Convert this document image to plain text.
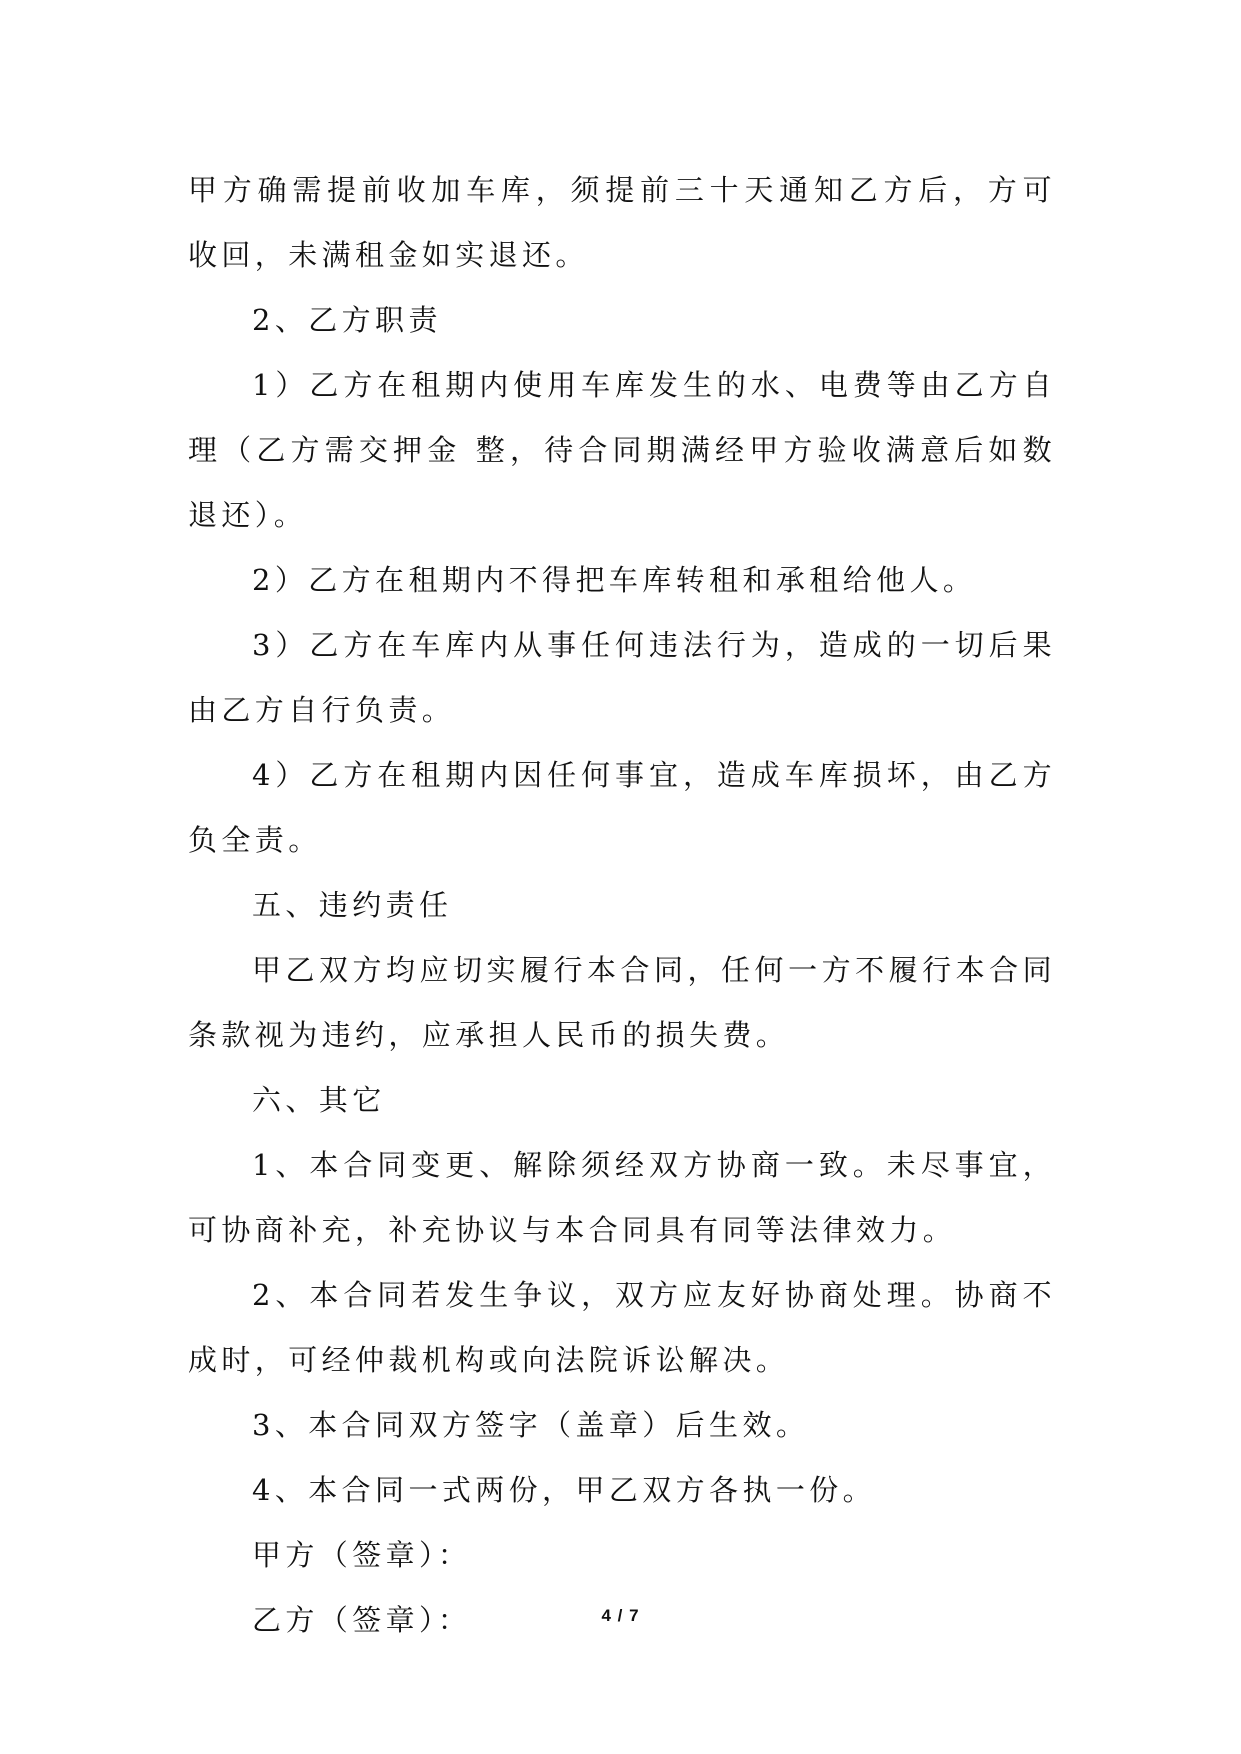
甲方确需提前收加车库，须提前三十天通知乙方后，方可收回，未满租金如实退还。

2、乙方职责

1）乙方在租期内使用车库发生的水、电费等由乙方自理（乙方需交押金 整，待合同期满经甲方验收满意后如数退还）。

2）乙方在租期内不得把车库转租和承租给他人。

3）乙方在车库内从事任何违法行为，造成的一切后果由乙方自行负责。

4）乙方在租期内因任何事宜，造成车库损坏，由乙方负全责。

五、违约责任

甲乙双方均应切实履行本合同，任何一方不履行本合同条款视为违约，应承担人民币的损失费。

六、其它

1、本合同变更、解除须经双方协商一致。未尽事宜，可协商补充，补充协议与本合同具有同等法律效力。

2、本合同若发生争议，双方应友好协商处理。协商不成时，可经仲裁机构或向法院诉讼解决。

3、本合同双方签字（盖章）后生效。

4、本合同一式两份，甲乙双方各执一份。

甲方（签章）：

乙方（签章）：	4 / 7
